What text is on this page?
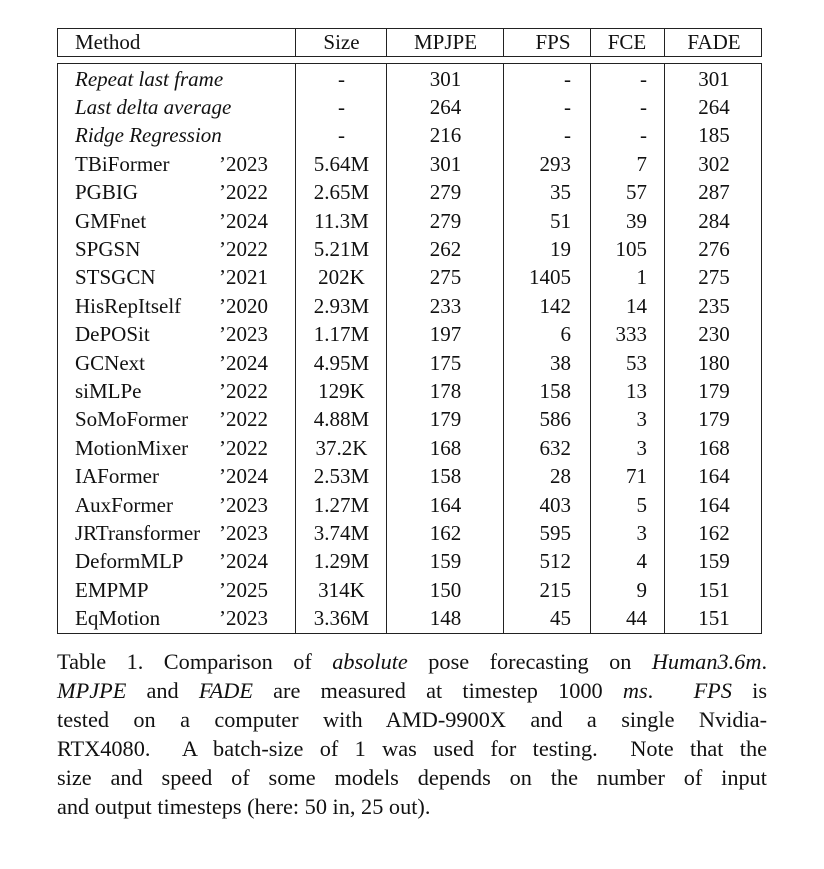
Method	Size	MPJPE	FPS	FCE	FADE
Repeat last frame	-	301	-	-	301
Last delta average	-	264	-	-	264
Ridge Regression	-	216	-	-	185
TBiFormer ’2023	5.64M	301	293	7	302
PGBIG	’2022	2.65M	279	35	57	287
GMFnet	’2024	11.3M	279	51	39	284
SPGSN	’2022	5.21M	262	19	105	276
STSGCN	’2021	202K	275	1405	1	275
HisRepItself ’2020	2.93M	233	142	14	235
DePOSit	’2023	1.17M	197	6	333	230
GCNext	’2024	4.95M	175	38	53	180
siMLPe	’2022	129K	178	158	13	179
SoMoFormer ’2022	4.88M	179	586	3	179
MotionMixer ’2022	37.2K	168	632	3	168
IAFormer	’2024	2.53M	158	28	71	164
AuxFormer ’2023	1.27M	164	403	5	164
JRTransformer ’2023	3.74M	162	595	3	162
DeformMLP ’2024	1.29M	159	512	4	159
EMPMP	’2025	314K	150	215	9	151
EqMotion	’2023	3.36M	148	45	44	151
Table 1. Comparison of absolute pose forecasting on Human3.6m.
MPJPE and FADE are measured at timestep 1000 ms.  FPS is
tested on a computer with AMD-9900X and a single Nvidia-
RTX4080.  A batch-size of 1 was used for testing.  Note that the
size and speed of some models depends on the number of input
and output timesteps (here: 50 in, 25 out).
